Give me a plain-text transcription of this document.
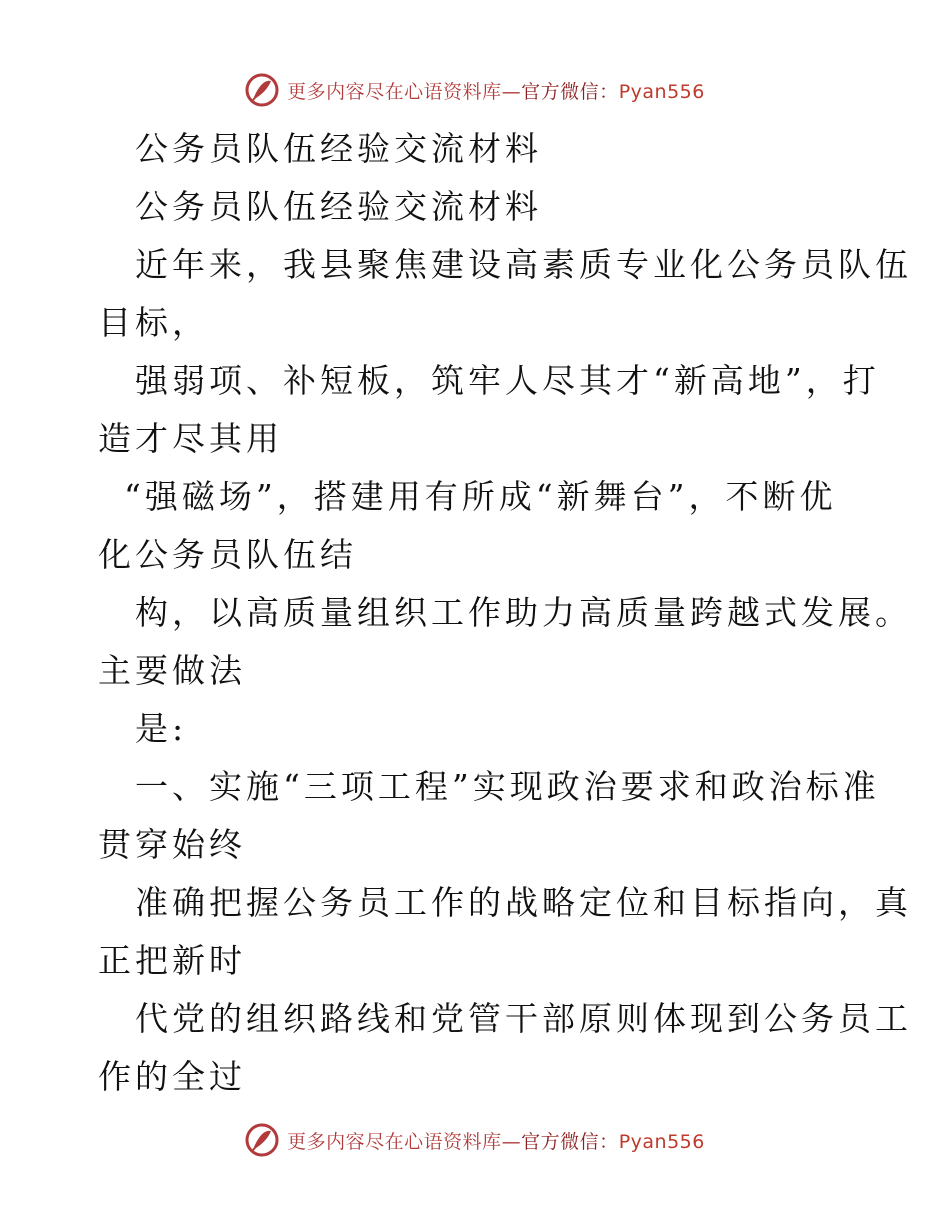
更多内容尽在心语资料库—官方微信：Pyan556
公务员队伍经验交流材料
公务员队伍经验交流材料
近年来，我县聚焦建设高素质专业化公务员队伍
目标，
强弱项、补短板，筑牢人尽其才“新高地”，打
造才尽其用
“强磁场”，搭建用有所成“新舞台”，不断优
化公务员队伍结
构，以高质量组织工作助力高质量跨越式发展。
主要做法
是:
一、实施“三项工程”实现政治要求和政治标准
贯穿始终
准确把握公务员工作的战略定位和目标指向，真
正把新时
代党的组织路线和党管干部原则体现到公务员工
作的全过
更多内容尽在心语资料库—官方微信：Pyan556
